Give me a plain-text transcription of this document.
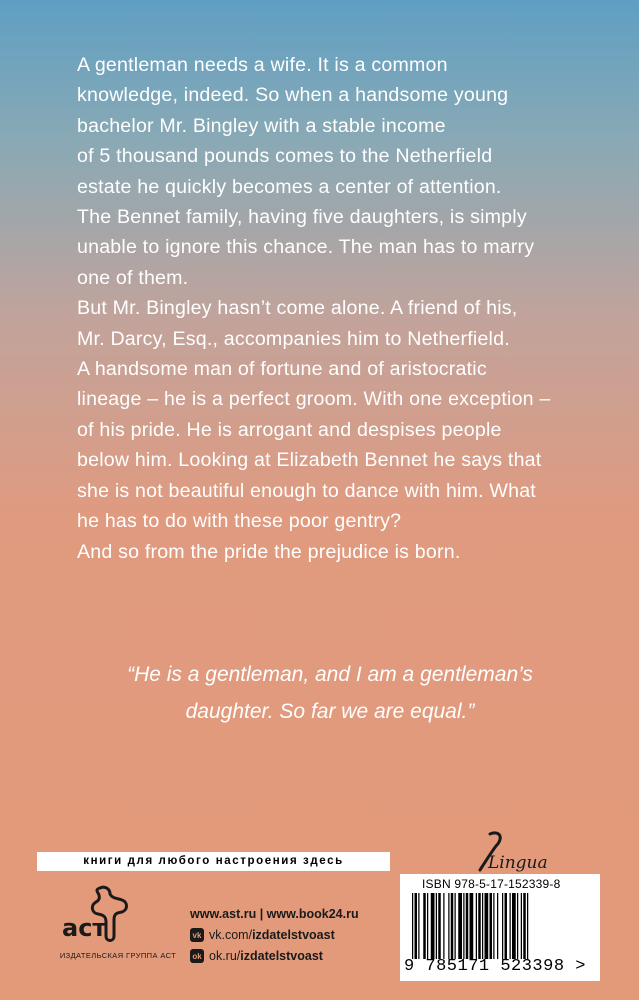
A gentleman needs a wife. It is a common

knowledge, indeed. So when a handsome young

bachelor Mr. Bingley with a stable income

of 5 thousand pounds comes to the Netherfield

estate he quickly becomes a center of attention.

The Bennet family, having five daughters, is simply

unable to ignore this chance. The man has to marry

one of them.

But Mr. Bingley hasn’t come alone. A friend of his,

Mr. Darcy, Esq., accompanies him to Netherfield.

A handsome man of fortune and of aristocratic

lineage – he is a perfect groom. With one exception –

of his pride. He is arrogant and despises people

below him. Looking at Elizabeth Bennet he says that

she is not beautiful enough to dance with him. What

he has to do with these poor gentry?

And so from the pride the prejudice is born.

“He is a gentleman, and I am a gentleman’s

daughter. So far we are equal.”

Lingua
книги для любого настроения здесь
аст
ИЗДАТЕЛЬСКАЯ ГРУППА АСТ
www.ast.ru | www.book24.ru
vk vk.com/ izdatelstvoast
ok ok.ru/ izdatelstvoast
ISBN 978-5-17-152339-8
9 785171 523398 >
